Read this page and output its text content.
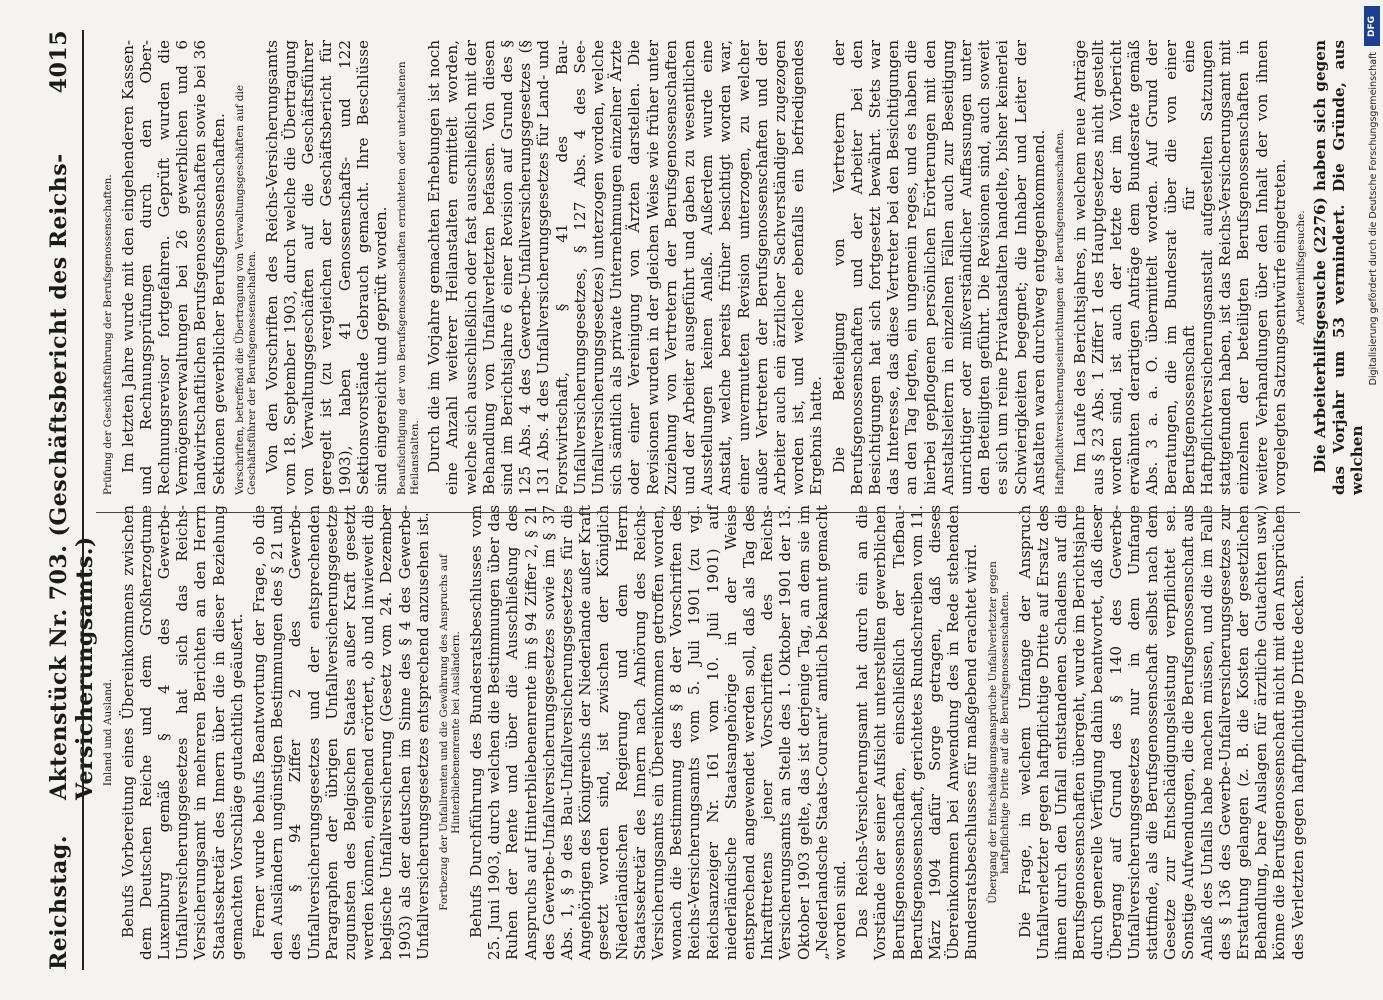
Reichstag.
Aktenstück Nr. 703. (Geschäftsbericht des Reichs-Versicherungsamts.)
4015
Inland und Ausland. Behufs Vorbereitung eines Übereinkommens zwischen dem Deutschen Reiche und dem Großherzogtume Luxemburg gemäß § 4 des Gewerbe-Unfallversicherungsgesetzes hat sich das Reichs-Versicherungsamt in mehreren Berichten an den Herrn Staatssekretär des Innern über die in dieser Beziehung gemachten Vorschläge gutachtlich geäußert. Ferner wurde behufs Beantwortung der Frage, ob die den Ausländern ungünstigen Bestimmungen des § 21 und des § 94 Ziffer 2 des Gewerbe-Unfallversicherungsgesetzes und der entsprechenden Paragraphen der übrigen Unfallversicherungsgesetze zugunsten des Belgischen Staates außer Kraft gesetzt werden können, eingehend erörtert, ob und inwieweit die belgische Unfallversicherung (Gesetz vom 24. Dezember 1903) als der deutschen im Sinne des § 4 des Gewerbe-Unfallversicherungsgesetzes entsprechend anzusehen ist. Fortbezug der Unfallrenten und die Gewährung des Anspruchs auf Hinterbliebenenrente bei Ausländern. Behufs Durchführung des Bundesratsbeschlusses vom 25. Juni 1903, durch welchen die Bestimmungen über das Ruhen der Rente und über die Ausschließung des Anspruchs auf Hinterbliebenenrente im § 94 Ziffer 2, § 21 des Gewerbe-Unfallversicherungsgesetzes sowie im § 37 Abs. 1, § 9 des Bau-Unfallversicherungsgesetzes für die Angehörigen des Königreichs der Niederlande außer Kraft gesetzt worden sind, ist zwischen der Königlich Niederländischen Regierung und dem Herrn Staatssekretär des Innern nach Anhörung des Reichs-Versicherungsamts ein Übereinkommen getroffen worden, wonach die Bestimmung des § 8 der Vorschriften des Reichs-Versicherungsamts vom 5. Juli 1901 (zu vgl. Reichsanzeiger Nr. 161 vom 10. Juli 1901) auf niederländische Staatsangehörige in der Weise entsprechend angewendet werden soll, daß als Tag des Inkrafttretens jener Vorschriften des Reichs-Versicherungsamts an Stelle des 1. Oktober 1901 der 13. Oktober 1903 gelte, das ist derjenige Tag, an dem sie im „Nederlandsche Staats-Courant“ amtlich bekannt gemacht worden sind. Das Reichs-Versicherungsamt hat durch ein an die Vorstände der seiner Aufsicht unterstellten gewerblichen Berufsgenossenschaften, einschließlich der Tiefbau-Berufsgenossenschaft, gerichtetes Rundschreiben vom 11. März 1904 dafür Sorge getragen, daß dieses Übereinkommen bei Anwendung des in Rede stehenden Bundesratsbeschlusses für maßgebend erachtet wird. Übergang der Entschädigungsansprüche Unfallverletzter gegen haftpflichtige Dritte auf die Berufsgenossenschaften. Die Frage, in welchem Umfange der Anspruch Unfallverletzter gegen haftpflichtige Dritte auf Ersatz des ihnen durch den Unfall entstandenen Schadens auf die Berufsgenossenschaften übergeht, wurde im Berichtsjahre durch generelle Verfügung dahin beantwortet, daß dieser Übergang auf Grund des § 140 des Gewerbe-Unfallversicherungsgesetzes nur in dem Umfange stattfinde, als die Berufsgenossenschaft selbst nach dem Gesetze zur Entschädigungsleistung verpflichtet sei. Sonstige Aufwendungen, die die Berufsgenossenschaft aus Anlaß des Unfalls habe machen müssen, und die im Falle des § 136 des Gewerbe-Unfallversicherungsgesetzes zur Erstattung gelangen (z. B. die Kosten der gesetzlichen Behandlung, bare Auslagen für ärztliche Gutachten usw.) könne die Berufsgenossenschaft nicht mit den Ansprüchen des Verletzten gegen haftpflichtige Dritte decken.

Prüfung der Geschäftsführung der Berufsgenossenschaften. Im letzten Jahre wurde mit den eingehenderen Kassen- und Rechnungsprüfungen durch den Ober-Rechnungsrevisor fortgefahren. Geprüft wurden die Vermögensverwaltungen bei 26 gewerblichen und 6 landwirtschaftlichen Berufsgenossenschaften sowie bei 36 Sektionen gewerblicher Berufsgenossenschaften. Vorschriften, betreffend die Übertragung von Verwaltungsgeschäften auf die Geschäftsführer der Berufsgenossenschaften. Von den Vorschriften des Reichs-Versicherungsamts vom 18. September 1903, durch welche die Übertragung von Verwaltungsgeschäften auf die Geschäftsführer geregelt ist (zu vergleichen der Geschäftsbericht für 1903), haben 41 Genossenschafts- und 122 Sektionsvorstände Gebrauch gemacht. Ihre Beschlüsse sind eingereicht und geprüft worden. Beaufsichtigung der von Berufsgenossenschaften errichteten oder unterhaltenen Heilanstalten. Durch die im Vorjahre gemachten Erhebungen ist noch eine Anzahl weiterer Heilanstalten ermittelt worden, welche sich ausschließlich oder fast ausschließlich mit der Behandlung von Unfallverletzten befassen. Von diesen sind im Berichtsjahre 6 einer Revision auf Grund des § 125 Abs. 4 des Gewerbe-Unfallversicherungsgesetzes (§ 131 Abs. 4 des Unfallversicherungsgesetzes für Land- und Forstwirtschaft, § 41 des Bau-Unfallversicherungsgesetzes, § 127 Abs. 4 des See-Unfallversicherungsgesetzes) unterzogen worden, welche sich sämtlich als private Unternehmungen einzelner Ärzte oder einer Vereinigung von Ärzten darstellen. Die Revisionen wurden in der gleichen Weise wie früher unter Zuziehung von Vertretern der Berufsgenossenschaften und der Arbeiter ausgeführt und gaben zu wesentlichen Ausstellungen keinen Anlaß. Außerdem wurde eine Anstalt, welche bereits früher besichtigt worden war, einer unvermuteten Revision unterzogen, zu welcher außer Vertretern der Berufsgenossenschaften und der Arbeiter auch ein ärztlicher Sachverständiger zugezogen worden ist, und welche ebenfalls ein befriedigendes Ergebnis hatte. Die Beteiligung von Vertretern der Berufsgenossenschaften und der Arbeiter bei den Besichtigungen hat sich fortgesetzt bewährt. Stets war das Interesse, das diese Vertreter bei den Besichtigungen an den Tag legten, ein ungemein reges, und es haben die hierbei gepflogenen persönlichen Erörterungen mit den Anstaltsleitern in einzelnen Fällen auch zur Beseitigung unrichtiger oder mißverständlicher Auffassungen unter den Beteiligten geführt. Die Revisionen sind, auch soweit es sich um reine Privatanstalten handelte, bisher keinerlei Schwierigkeiten begegnet; die Inhaber und Leiter der Anstalten waren durchweg entgegenkommend. Haftpflichtversicherungseinrichtungen der Berufsgenossenschaften. Im Laufe des Berichtsjahres, in welchem neue Anträge aus § 23 Abs. 1 Ziffer 1 des Hauptgesetzes nicht gestellt worden sind, ist auch der letzte der im Vorbericht erwähnten derartigen Anträge dem Bundesrate gemäß Abs. 3 a. a. O. übermittelt worden. Auf Grund der Beratungen, die im Bundesrat über die von einer Berufsgenossenschaft für eine Haftpflichtversicherungsanstalt aufgestellten Satzungen stattgefunden haben, ist das Reichs-Versicherungsamt mit einzelnen der beteiligten Berufsgenossenschaften in weitere Verhandlungen über den Inhalt der von ihnen vorgelegten Satzungsentwürfe eingetreten. Arbeiterhilfsgesuche. Die Arbeiterhilfsgesuche (2276) haben sich gegen das Vorjahr um 53 vermindert. Die Gründe, aus welchen

DFG
Digitalisierung gefördert durch die Deutsche Forschungsgemeinschaft
